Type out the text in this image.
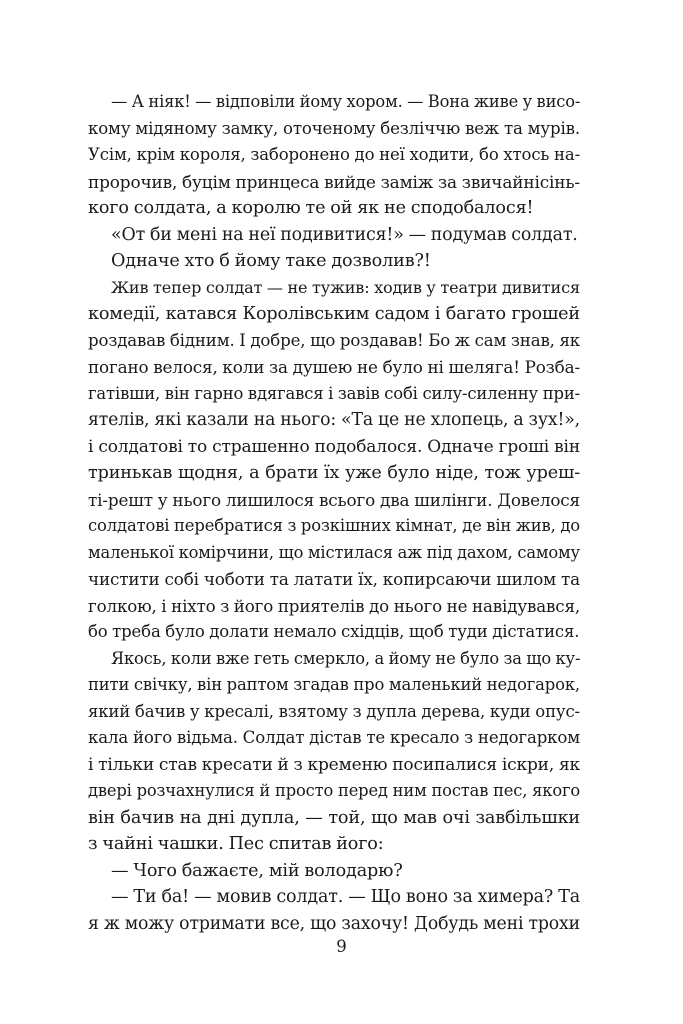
— А ніяк! — відповіли йому хором. — Вона живе у висо-
кому мідяному замку, оточеному безліччю веж та мурів.
Усім, крім короля, заборонено до неї ходити, бо хтось на-
пророчив, буцім принцеса вийде заміж за звичайнісінь-
кого солдата, а королю те ой як не сподобалося!
«От би мені на неї подивитися!» — подумав солдат.
Одначе хто б йому таке дозволив?!
Жив тепер солдат — не тужив: ходив у театри дивитися
комедії, катався Королівським садом і багато грошей
роздавав бідним. І добре, що роздавав! Бо ж сам знав, як
погано велося, коли за душею не було ні шеляга! Розба-
гатівши, він гарно вдягався і завів собі силу-силенну при-
ятелів, які казали на нього: «Та це не хлопець, а зух!»,
і солдатові то страшенно подобалося. Одначе гроші він
тринькав щодня, а брати їх уже було ніде, тож уреш-
ті-решт у нього лишилося всього два шилінги. Довелося
солдатові перебратися з розкішних кімнат, де він жив, до
маленької комірчини, що містилася аж під дахом, самому
чистити собі чоботи та латати їх, копирсаючи шилом та
голкою, і ніхто з його приятелів до нього не навідувався,
бо треба було долати немало східців, щоб туди дістатися.
Якось, коли вже геть смеркло, а йому не було за що ку-
пити свічку, він раптом згадав про маленький недогарок,
який бачив у кресалі, взятому з дупла дерева, куди опус-
кала його відьма. Солдат дістав те кресало з недогарком
і тільки став кресати й з кременю посипалися іскри, як
двері розчахнулися й просто перед ним постав пес, якого
він бачив на дні дупла, — той, що мав очі завбільшки
з чайні чашки. Пес спитав його:
— Чого бажаєте, мій володарю?
— Ти ба! — мовив солдат. — Що воно за химера? Та
я ж можу отримати все, що захочу! Добудь мені трохи
9
